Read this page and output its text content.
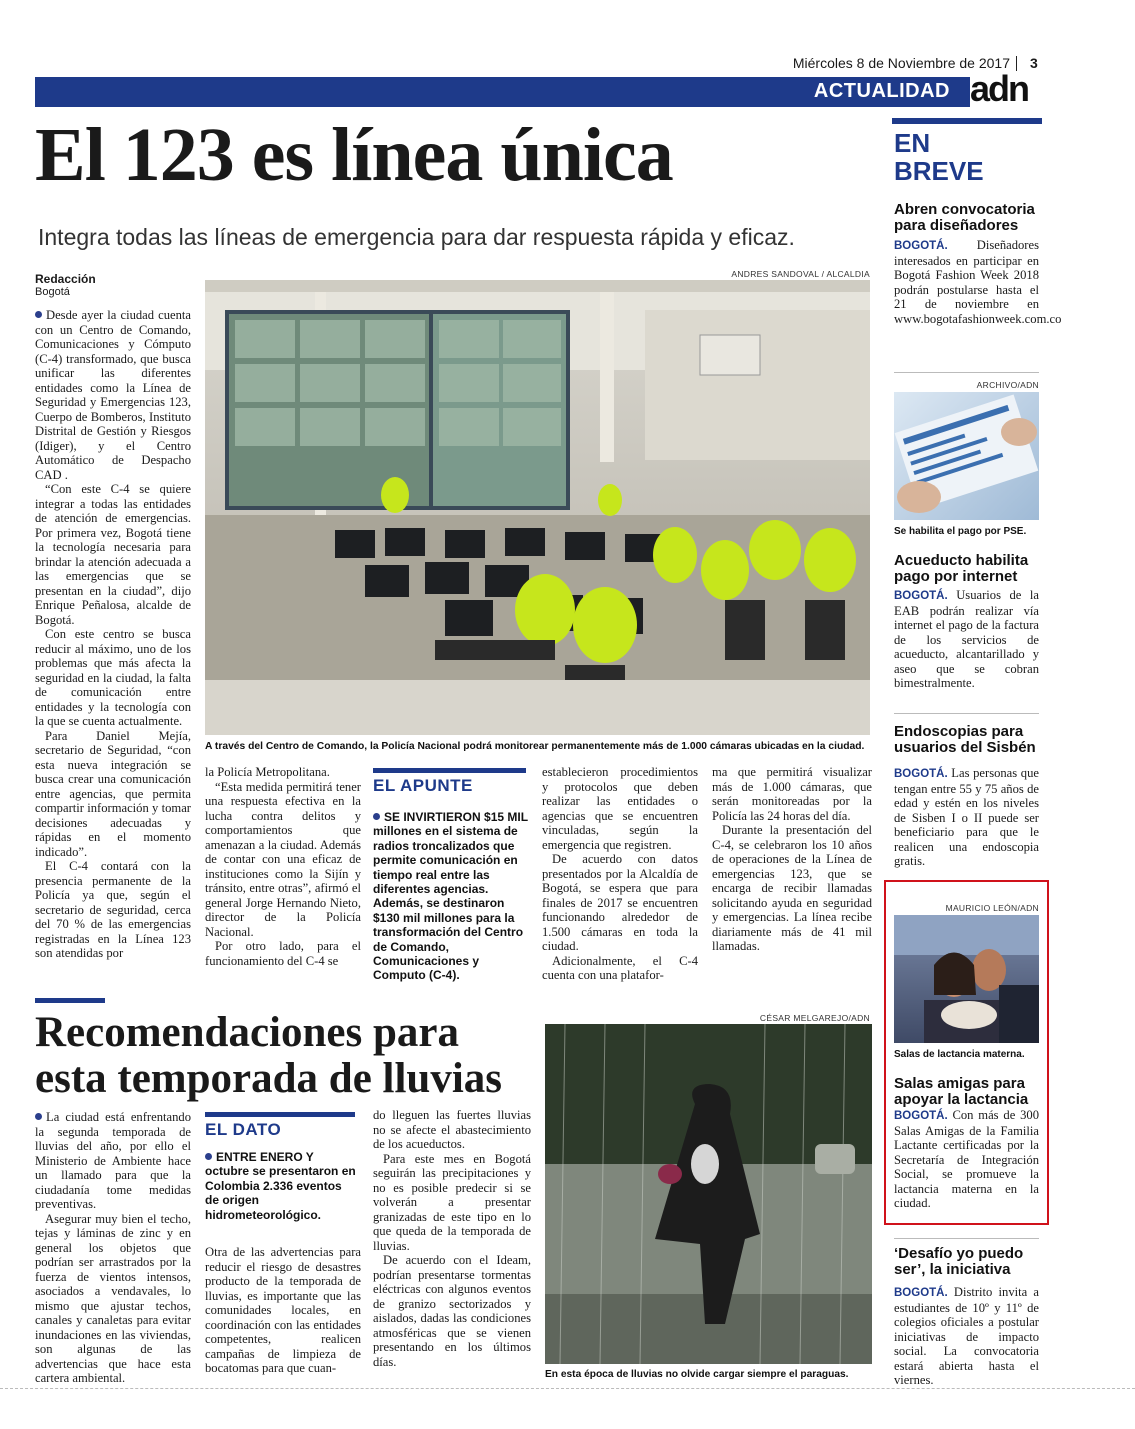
Miércoles 8 de Noviembre de 2017 3
ACTUALIDAD adn
El 123 es línea única
Integra todas las líneas de emergencia para dar respuesta rápida y eficaz.
Redacción
Bogotá

Desde ayer la ciudad cuenta con un Centro de Comando, Comunicaciones y Cómputo (C-4) transformado, que busca unificar las diferentes entidades como la Línea de Seguridad y Emergencias 123, Cuerpo de Bomberos, Instituto Distrital de Gestión y Riesgos (Idiger), y el Centro Automático de Despacho CAD .

“Con este C-4 se quiere integrar a todas las entidades de atención de emergencias. Por primera vez, Bogotá tiene la tecnología necesaria para brindar la atención adecuada a las emergencias que se presentan en la ciudad”, dijo Enrique Peñalosa, alcalde de Bogotá.

Con este centro se busca reducir al máximo, uno de los problemas que más afecta la seguridad en la ciudad, la falta de comunicación entre entidades y la tecnología con la que se cuenta actualmente.

Para Daniel Mejía, secretario de Seguridad, “con esta nueva integración se busca crear una comunicación entre agencias, que permita compartir información y tomar decisiones adecuadas y rápidas en el momento indicado”.

El C-4 contará con la presencia permanente de la Policía ya que, según el secretario de seguridad, cerca del 70 % de las emergencias registradas en la Línea 123 son atendidas por

ANDRES SANDOVAL / ALCALDIA
A través del Centro de Comando, la Policía Nacional podrá monitorear permanentemente más de 1.000 cámaras ubicadas en la ciudad.

la Policía Metropolitana.

“Esta medida permitirá tener una respuesta efectiva en la lucha contra delitos y comportamientos que amenazan a la ciudad. Además de contar con una eficaz de instituciones como la Sijín y tránsito, entre otras”, afirmó el general Jorge Hernando Nieto, director de la Policía Nacional.

Por otro lado, para el funcionamiento del C-4 se

EL APUNTE
SE INVIRTIERON $15 MIL millones en el sistema de radios troncalizados que permite comunicación en tiempo real entre las diferentes agencias. Además, se destinaron $130 mil millones para la transformación del Centro de Comando, Comunicaciones y Computo (C-4).

establecieron procedimientos y protocolos que deben realizar las entidades o agencias que se encuentren vinculadas, según la emergencia que registren.

De acuerdo con datos presentados por la Alcaldía de Bogotá, se espera que para finales de 2017 se encuentren funcionando alrededor de 1.500 cámaras en toda la ciudad.

Adicionalmente, el C-4 cuenta con una platafor-

ma que permitirá visualizar más de 1.000 cámaras, que serán monitoreadas por la Policía las 24 horas del día.

Durante la presentación del C-4, se celebraron los 10 años de operaciones de la Línea de emergencias 123, que se encarga de recibir llamadas solicitando ayuda en seguridad y emergencias. La línea recibe diariamente más de 41 mil llamadas.

Recomendaciones para
esta temporada de lluvias

La ciudad está enfrentando la segunda temporada de lluvias del año, por ello el Ministerio de Ambiente hace un llamado para que la ciudadanía tome medidas preventivas.

Asegurar muy bien el techo, tejas y láminas de zinc y en general los objetos que podrían ser arrastrados por la fuerza de vientos intensos, asociados a vendavales, lo mismo que ajustar techos, canales y canaletas para evitar inundaciones en las viviendas, son algunas de las advertencias que hace esta cartera ambiental.

EL DATO
ENTRE ENERO Y octubre se presentaron en Colombia 2.336 eventos de origen hidrometeorológico.

Otra de las advertencias para reducir el riesgo de desastres producto de la temporada de lluvias, es importante que las comunidades locales, en coordinación con las entidades competentes, realicen campañas de limpieza de bocatomas para que cuan-

do lleguen las fuertes lluvias no se afecte el abastecimiento de los acueductos.

Para este mes en Bogotá seguirán las precipitaciones y no es posible predecir si se volverán a presentar granizadas de este tipo en lo que queda de la temporada de lluvias.

De acuerdo con el Ideam, podrían presentarse tormentas eléctricas con algunos eventos de granizo sectorizados y aislados, dadas las condiciones atmosféricas que se vienen presentando en los últimos días.

CÉSAR MELGAREJO/ADN
En esta época de lluvias no olvide cargar siempre el paraguas.
EN
BREVE
Abren convocatoria para diseñadores
BOGOTÁ. Diseñadores interesados en participar en Bogotá Fashion Week 2018 podrán postularse hasta el 21 de noviembre en www.bogotafashionweek.com.co
ARCHIVO/ADN
Se habilita el pago por PSE.
Acueducto habilita pago por internet
BOGOTÁ. Usuarios de la EAB podrán realizar vía internet el pago de la factura de los servicios de acueducto, alcantarillado y aseo que se cobran bimestralmente.
Endoscopias para usuarios del Sisbén
BOGOTÁ. Las personas que tengan entre 55 y 75 años de edad y estén en los niveles de Sisben I o II puede ser beneficiario para que le realicen una endoscopia gratis.
MAURICIO LEÓN/ADN
Salas de lactancia materna.
Salas amigas para apoyar la lactancia
BOGOTÁ. Con más de 300 Salas Amigas de la Familia Lactante certificadas por la Secretaría de Integración Social, se promueve la lactancia materna en la ciudad.
‘Desafío yo puedo ser’, la iniciativa
BOGOTÁ. Distrito invita a estudiantes de 10º y 11º de colegios oficiales a postular iniciativas de impacto social. La convocatoria estará abierta hasta el viernes.
